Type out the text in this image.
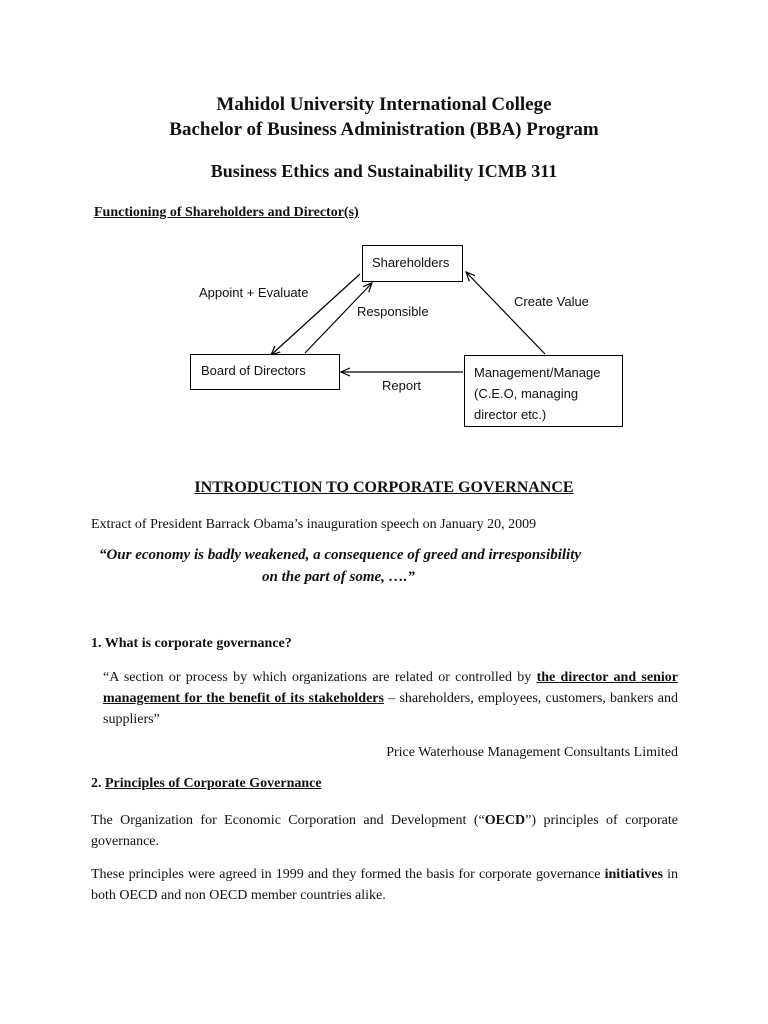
Mahidol University International College
Bachelor of Business Administration (BBA) Program
Business Ethics and Sustainability ICMB 311
Functioning of Shareholders and Director(s)
Shareholders
Board of Directors	Management/Manage
(C.E.O, managing
director etc.)
Appoint + Evaluate
Responsible
Create Value
Report
INTRODUCTION TO CORPORATE GOVERNANCE
Extract of President Barrack Obama’s inauguration speech on January 20, 2009
“Our economy is badly weakened, a consequence of greed and irresponsibility
on the part of some, ….”
1. What is corporate governance?
“A section or process by which organizations are related or controlled by the director and senior management for the benefit of its stakeholders – shareholders, employees, customers, bankers and suppliers”
Price Waterhouse Management Consultants Limited
2. Principles of Corporate Governance
The Organization for Economic Corporation and Development (“OECD”) principles of corporate governance.
These principles were agreed in 1999 and they formed the basis for corporate governance initiatives in both OECD and non OECD member countries alike.
